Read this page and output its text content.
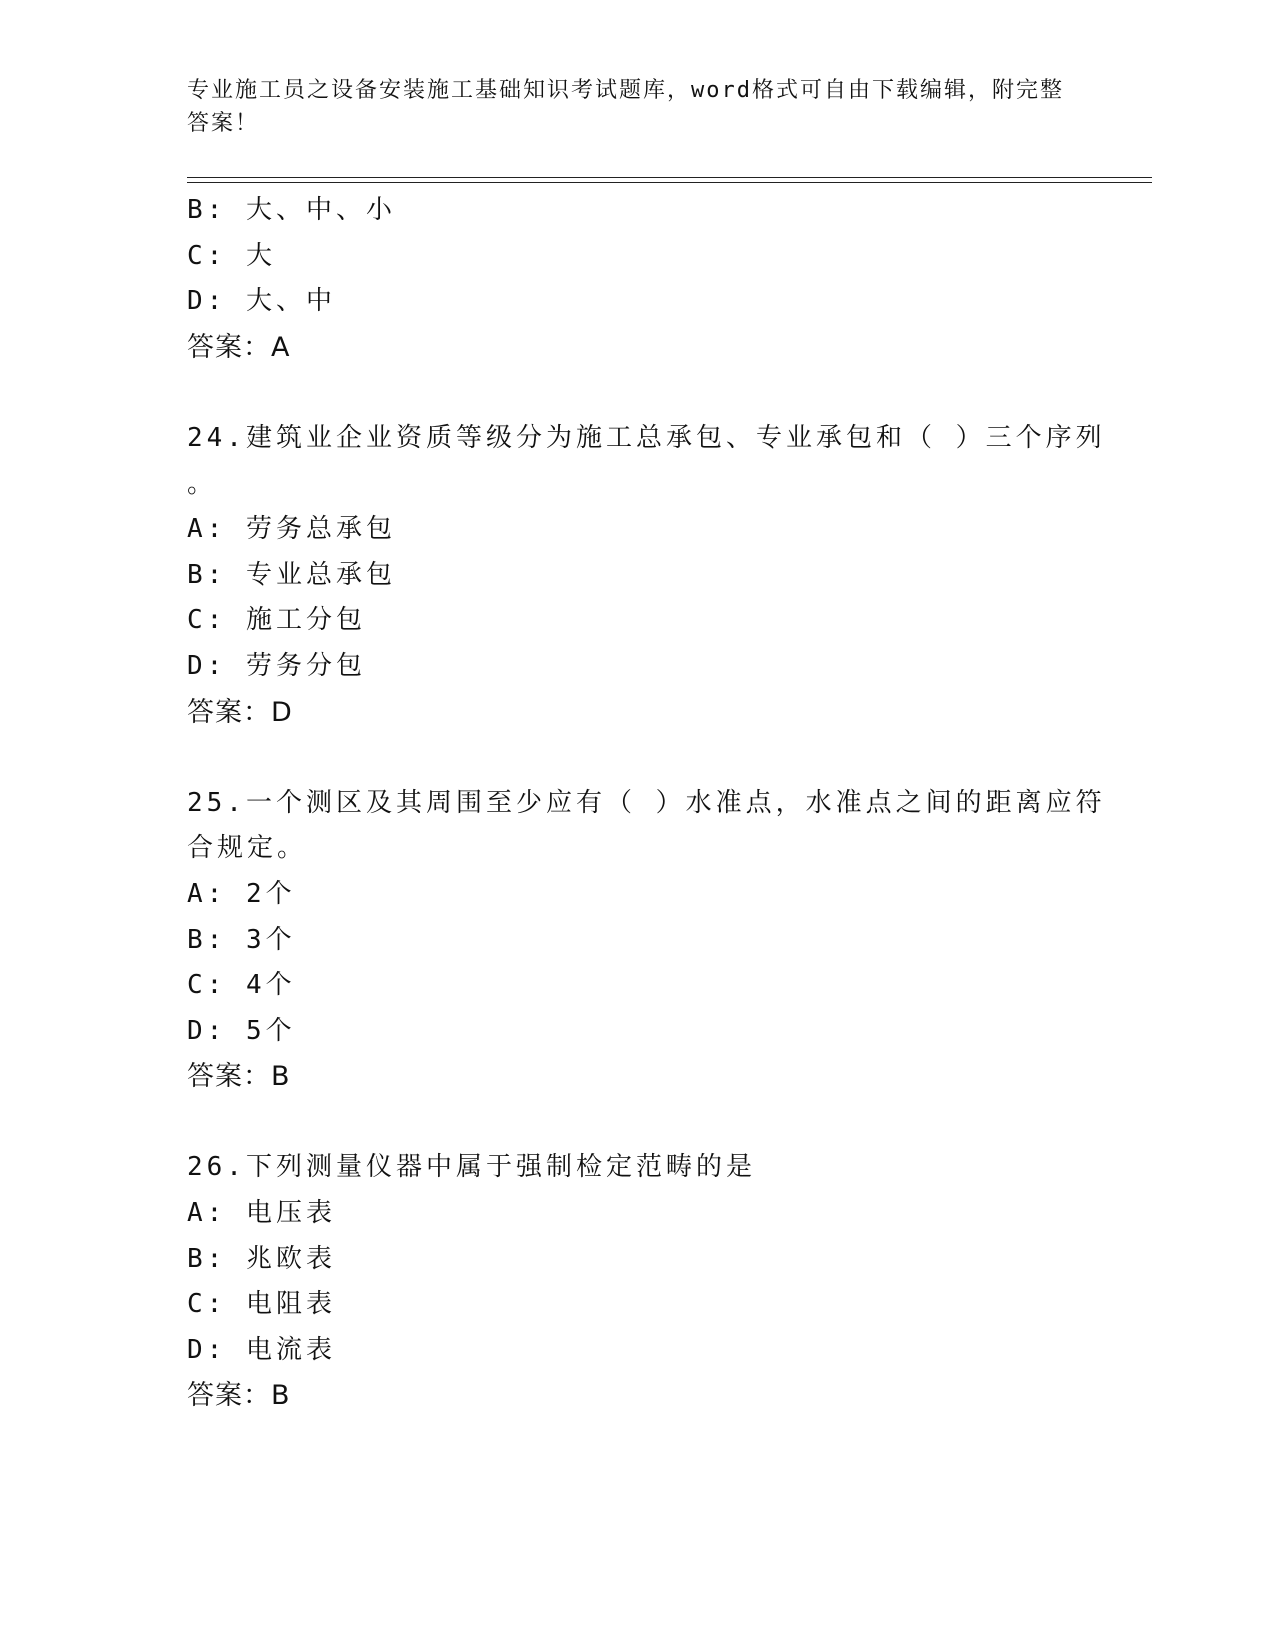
专业施工员之设备安装施工基础知识考试题库，word格式可自由下载编辑，附完整答案！
B: 大、中、小
C: 大
D: 大、中
答案：A
24.建筑业企业资质等级分为施工总承包、专业承包和（ ）三个序列
。
A: 劳务总承包
B: 专业总承包
C: 施工分包
D: 劳务分包
答案：D
25.一个测区及其周围至少应有（ ）水准点，水准点之间的距离应符
合规定。
A: 2个
B: 3个
C: 4个
D: 5个
答案：B
26.下列测量仪器中属于强制检定范畴的是
A: 电压表
B: 兆欧表
C: 电阻表
D: 电流表
答案：B
